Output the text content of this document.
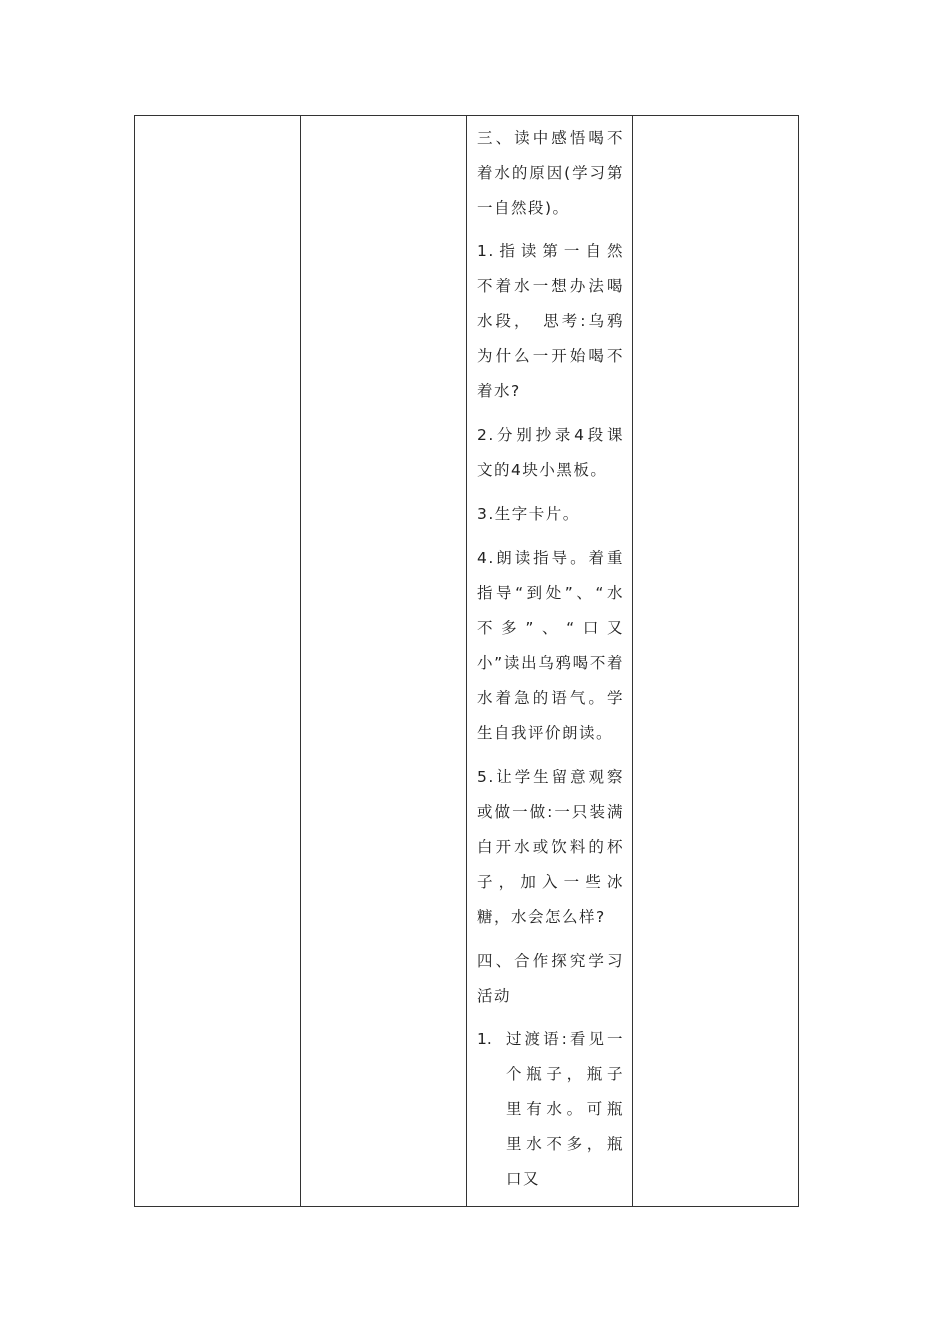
三、读中感悟喝不着水的原因(学习第一自然段)。

1.指读第一自然　不着水一想办法喝水段，　思考:乌鸦为什么一开始喝不着水?

2.分别抄录4段课文的4块小黑板。

3.生字卡片。

4.朗读指导。着重指导“到处”、“水不多”、“口又小”读出乌鸦喝不着水着急的语气。学生自我评价朗读。

5.让学生留意观察或做一做:一只装满白开水或饮料的杯子，加入一些冰糖，水会怎么样?

四、合作探究学习活动

1. 过渡语:看见一个瓶子，瓶子里有水。可瓶里水不多，瓶口又
